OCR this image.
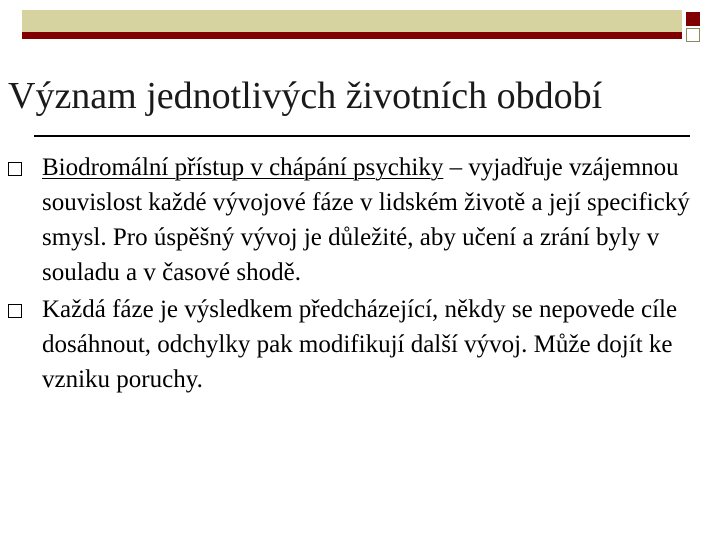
Význam jednotlivých životních období
Biodromální přístup v chápání psychiky – vyjadřuje vzájemnou souvislost každé vývojové fáze v lidském životě a její specifický smysl. Pro úspěšný vývoj je důležité, aby učení a zrání byly v souladu a v časové shodě.
Každá fáze je výsledkem předcházející, někdy se nepovede cíle dosáhnout, odchylky pak modifikují další vývoj. Může dojít ke vzniku poruchy.
